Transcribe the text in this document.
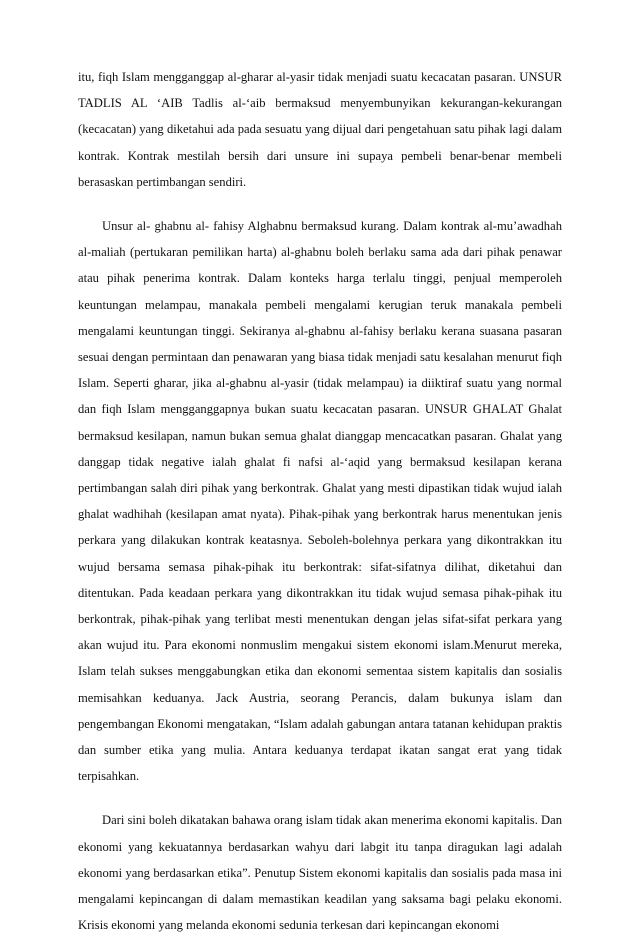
itu, fiqh Islam mengganggap al-gharar al-yasir tidak menjadi suatu kecacatan pasaran. UNSUR TADLIS AL ‘AIB Tadlis al-‘aib bermaksud menyembunyikan kekurangan-kekurangan (kecacatan) yang diketahui ada pada sesuatu yang dijual dari pengetahuan satu pihak lagi dalam kontrak. Kontrak mestilah bersih dari unsure ini supaya pembeli benar-benar membeli berasaskan pertimbangan sendiri.

Unsur al- ghabnu al- fahisy Alghabnu bermaksud kurang. Dalam kontrak al-mu’awadhah al-maliah (pertukaran pemilikan harta) al-ghabnu boleh berlaku sama ada dari pihak penawar atau pihak penerima kontrak. Dalam konteks harga terlalu tinggi, penjual memperoleh keuntungan melampau, manakala pembeli mengalami kerugian teruk manakala pembeli mengalami keuntungan tinggi. Sekiranya al-ghabnu al-fahisy berlaku kerana suasana pasaran sesuai dengan permintaan dan penawaran yang biasa tidak menjadi satu kesalahan menurut fiqh Islam. Seperti gharar, jika al-ghabnu al-yasir (tidak melampau) ia diiktiraf suatu yang normal dan fiqh Islam mengganggapnya bukan suatu kecacatan pasaran. UNSUR GHALAT Ghalat bermaksud kesilapan, namun bukan semua ghalat dianggap mencacatkan pasaran. Ghalat yang danggap tidak negative ialah ghalat fi nafsi al-‘aqid yang bermaksud kesilapan kerana pertimbangan salah diri pihak yang berkontrak. Ghalat yang mesti dipastikan tidak wujud ialah ghalat wadhihah (kesilapan amat nyata). Pihak-pihak yang berkontrak harus menentukan jenis perkara yang dilakukan kontrak keatasnya. Seboleh-bolehnya perkara yang dikontrakkan itu wujud bersama semasa pihak-pihak itu berkontrak: sifat-sifatnya dilihat, diketahui dan ditentukan. Pada keadaan perkara yang dikontrakkan itu tidak wujud semasa pihak-pihak itu berkontrak, pihak-pihak yang terlibat mesti menentukan dengan jelas sifat-sifat perkara yang akan wujud itu. Para ekonomi nonmuslim mengakui sistem ekonomi islam.Menurut mereka, Islam telah sukses menggabungkan etika dan ekonomi sementaa sistem kapitalis dan sosialis memisahkan keduanya. Jack Austria, seorang Perancis, dalam bukunya islam dan pengembangan Ekonomi mengatakan, “Islam adalah gabungan antara tatanan kehidupan praktis dan sumber etika yang mulia. Antara keduanya terdapat ikatan sangat erat yang tidak terpisahkan.

Dari sini boleh dikatakan bahawa orang islam tidak akan menerima ekonomi kapitalis. Dan ekonomi yang kekuatannya berdasarkan wahyu dari labgit itu tanpa diragukan lagi adalah ekonomi yang berdasarkan etika”. Penutup Sistem ekonomi kapitalis dan sosialis pada masa ini mengalami kepincangan di dalam memastikan keadilan yang saksama bagi pelaku ekonomi. Krisis ekonomi yang melanda ekonomi sedunia terkesan dari kepincangan ekonomi
